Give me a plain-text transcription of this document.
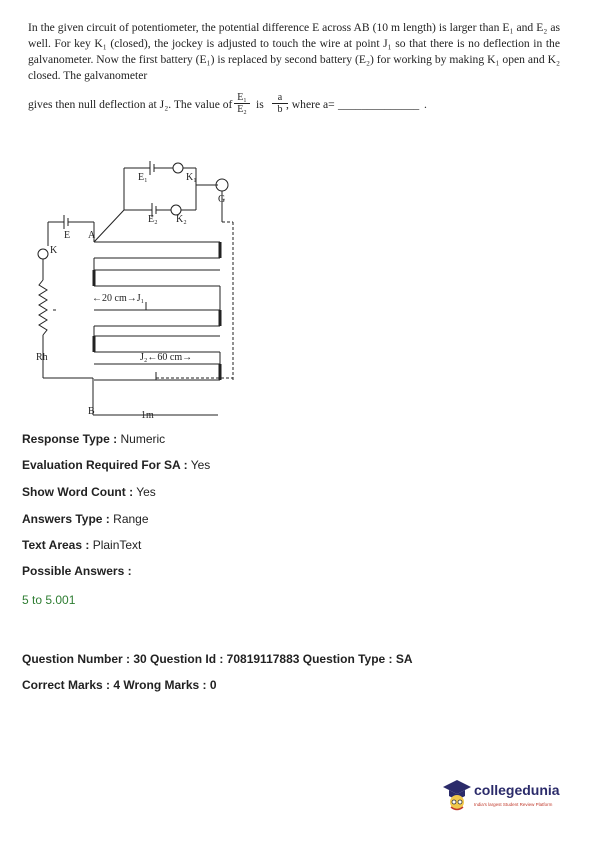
In the given circuit of potentiometer, the potential difference E across AB (10 m length) is larger than E₁ and E₂ as well. For key K₁ (closed), the jockey is adjusted to touch the wire at point J₁ so that there is no deflection in the galvanometer. Now the first battery (E₁) is replaced by second battery (E₂) for working by making K₁ open and K₂ closed. The galvanometer
gives then null deflection at J₂. The value of $\frac{\text{E₁}}{\text{E₂}}$ is $\frac{a}{b}$
, where a= ______________ .
E₁	K₁
E₂ K₂
G
E A
K
Rh
B
←20 cm→J₁
J₂←60 cm→
1m
Response Type : Numeric
Evaluation Required For SA : Yes
Show Word Count : Yes
Answers Type : Range
Text Areas : PlainText
Possible Answers :
5 to 5.001
Question Number : 30 Question Id : 70819117883 Question Type : SA
Correct Marks : 4 Wrong Marks : 0
collegedunia
India's largest Student Review Platform
